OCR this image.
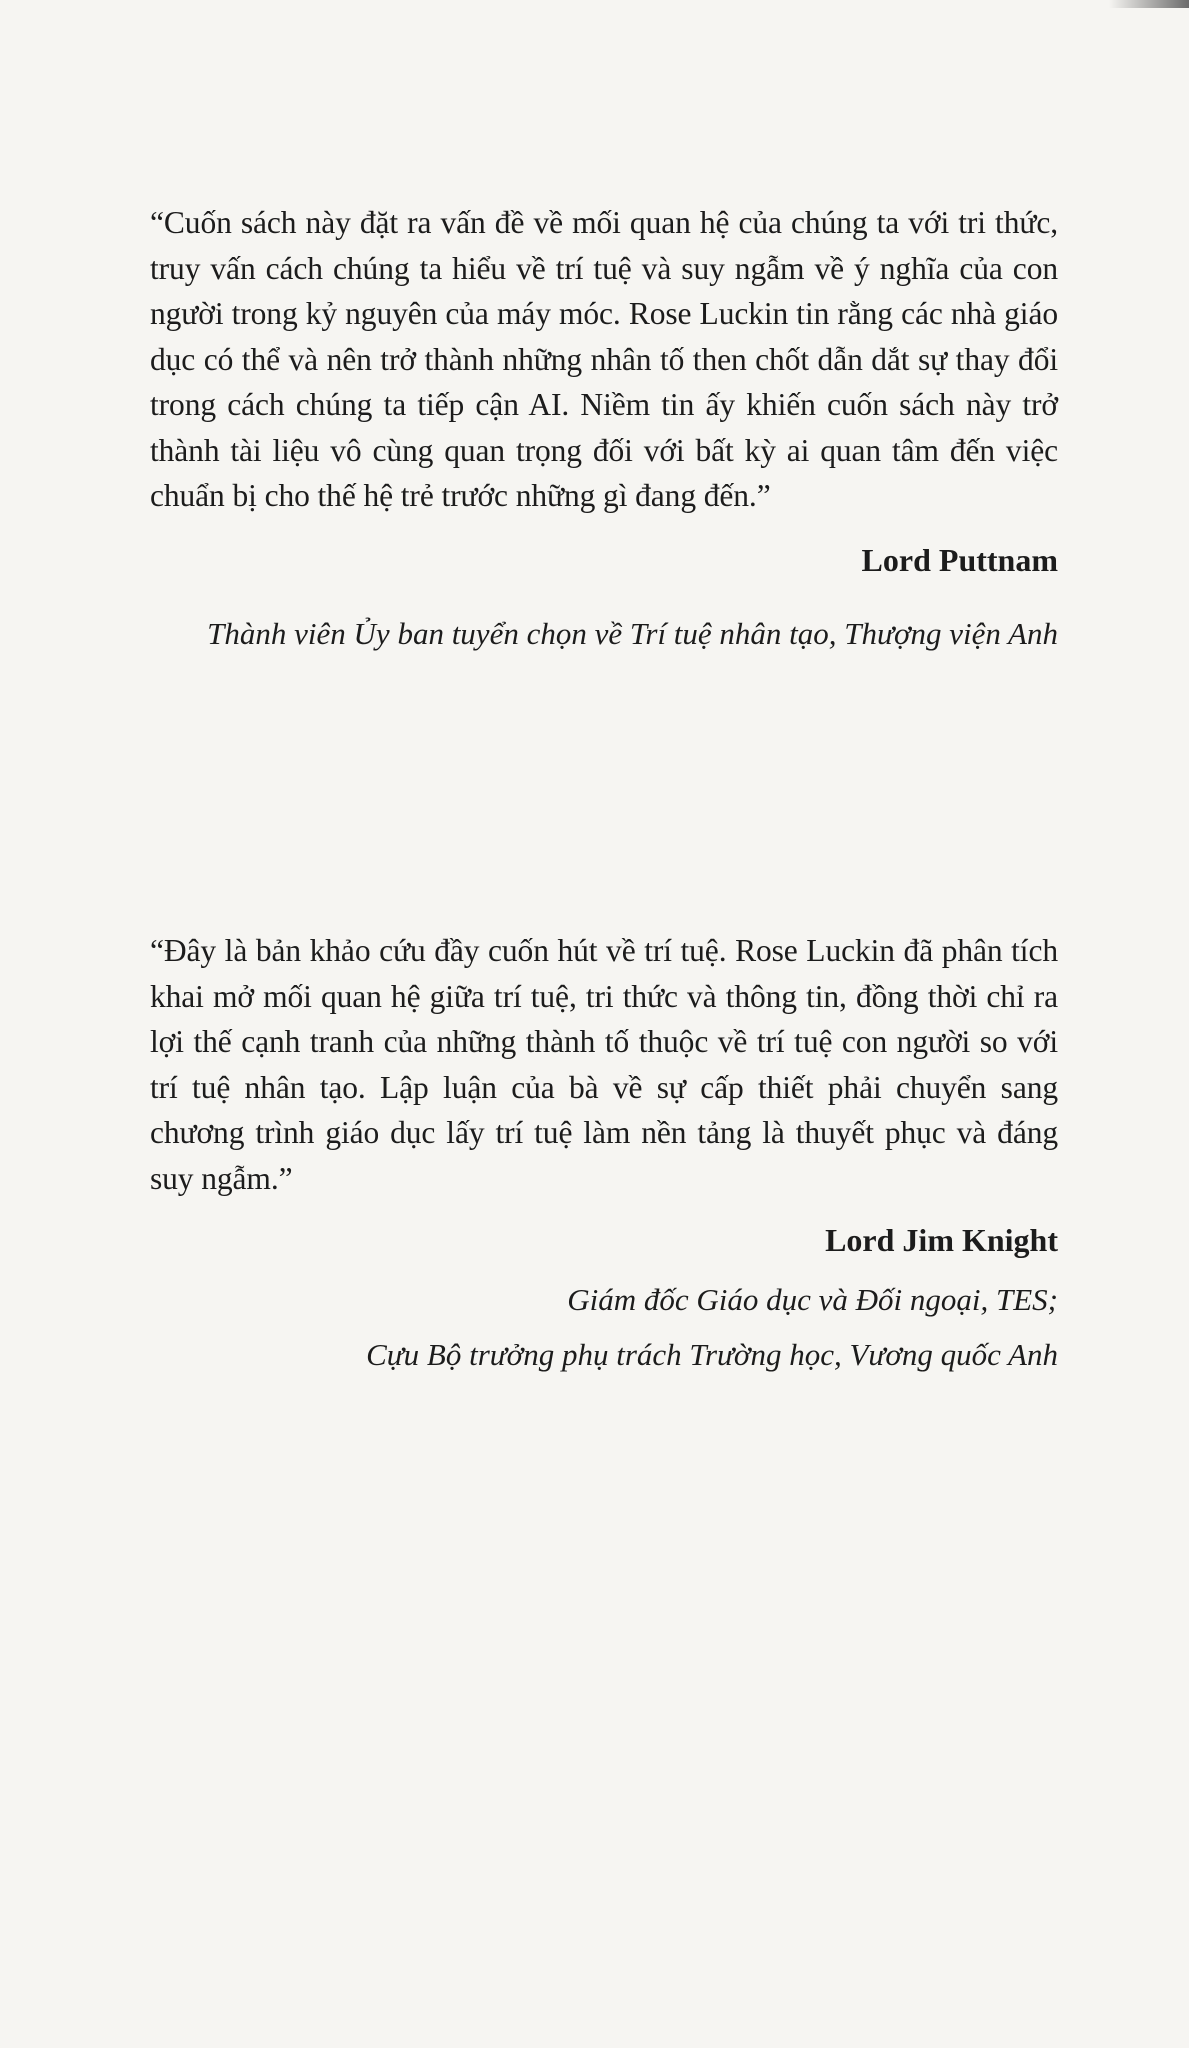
“Cuốn sách này đặt ra vấn đề về mối quan hệ của chúng ta với tri thức, truy vấn cách chúng ta hiểu về trí tuệ và suy ngẫm về ý nghĩa của con người trong kỷ nguyên của máy móc. Rose Luckin tin rằng các nhà giáo dục có thể và nên trở thành những nhân tố then chốt dẫn dắt sự thay đổi trong cách chúng ta tiếp cận AI. Niềm tin ấy khiến cuốn sách này trở thành tài liệu vô cùng quan trọng đối với bất kỳ ai quan tâm đến việc chuẩn bị cho thế hệ trẻ trước những gì đang đến.”

Lord Puttnam

Thành viên Ủy ban tuyển chọn về Trí tuệ nhân tạo, Thượng viện Anh

“Đây là bản khảo cứu đầy cuốn hút về trí tuệ. Rose Luckin đã phân tích khai mở mối quan hệ giữa trí tuệ, tri thức và thông tin, đồng thời chỉ ra lợi thế cạnh tranh của những thành tố thuộc về trí tuệ con người so với trí tuệ nhân tạo. Lập luận của bà về sự cấp thiết phải chuyển sang chương trình giáo dục lấy trí tuệ làm nền tảng là thuyết phục và đáng suy ngẫm.”

Lord Jim Knight

Giám đốc Giáo dục và Đối ngoại, TES;

Cựu Bộ trưởng phụ trách Trường học, Vương quốc Anh
